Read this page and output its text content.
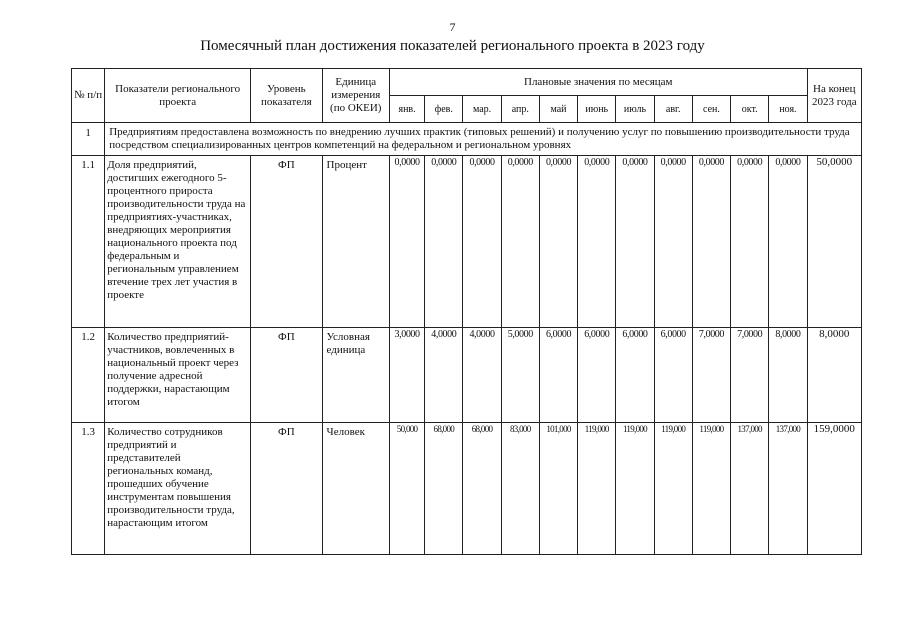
7
Помесячный план достижения показателей регионального проекта в 2023 году
№ п/п	Показатели регионального проекта	Уровень показателя	Единица измерения (по ОКЕИ)	Плановые значения по месяцам											На конец 2023 года
				янв.	фев.	мар.	апр.	май	июнь	июль	авг.	сен.	окт.	ноя.	
1	Предприятиям предоставлена возможность по внедрению лучших практик (типовых решений) и получению услуг по повышению производительности труда посредством специализированных центров компетенций на федеральном и региональном уровнях														
1.1	Доля предприятий, достигших ежегодного 5-процентного прироста производительности труда на предприятиях-участниках, внедряющих мероприятия национального проекта под федеральным и региональным управлением втечение трех лет участия в проекте	ФП	Процент	0,0000	0,0000	0,0000	0,0000	0,0000	0,0000	0,0000	0,0000	0,0000	0,0000	0,0000	50,0000
1.2	Количество предприятий-участников, вовлеченных в национальный проект через получение адресной поддержки, нарастающим итогом	ФП	Условная единица	3,0000	4,0000	4,0000	5,0000	6,0000	6,0000	6,0000	6,0000	7,0000	7,0000	8,0000	8,0000
1.3	Количество сотрудников предприятий и представителей региональных команд, прошедших обучение инструментам повышения производительности труда, нарастающим итогом	ФП	Человек	50,000	68,000	68,000	83,000	101,000	119,000	119,000	119,000	119,000	137,000	137,000	159,0000
